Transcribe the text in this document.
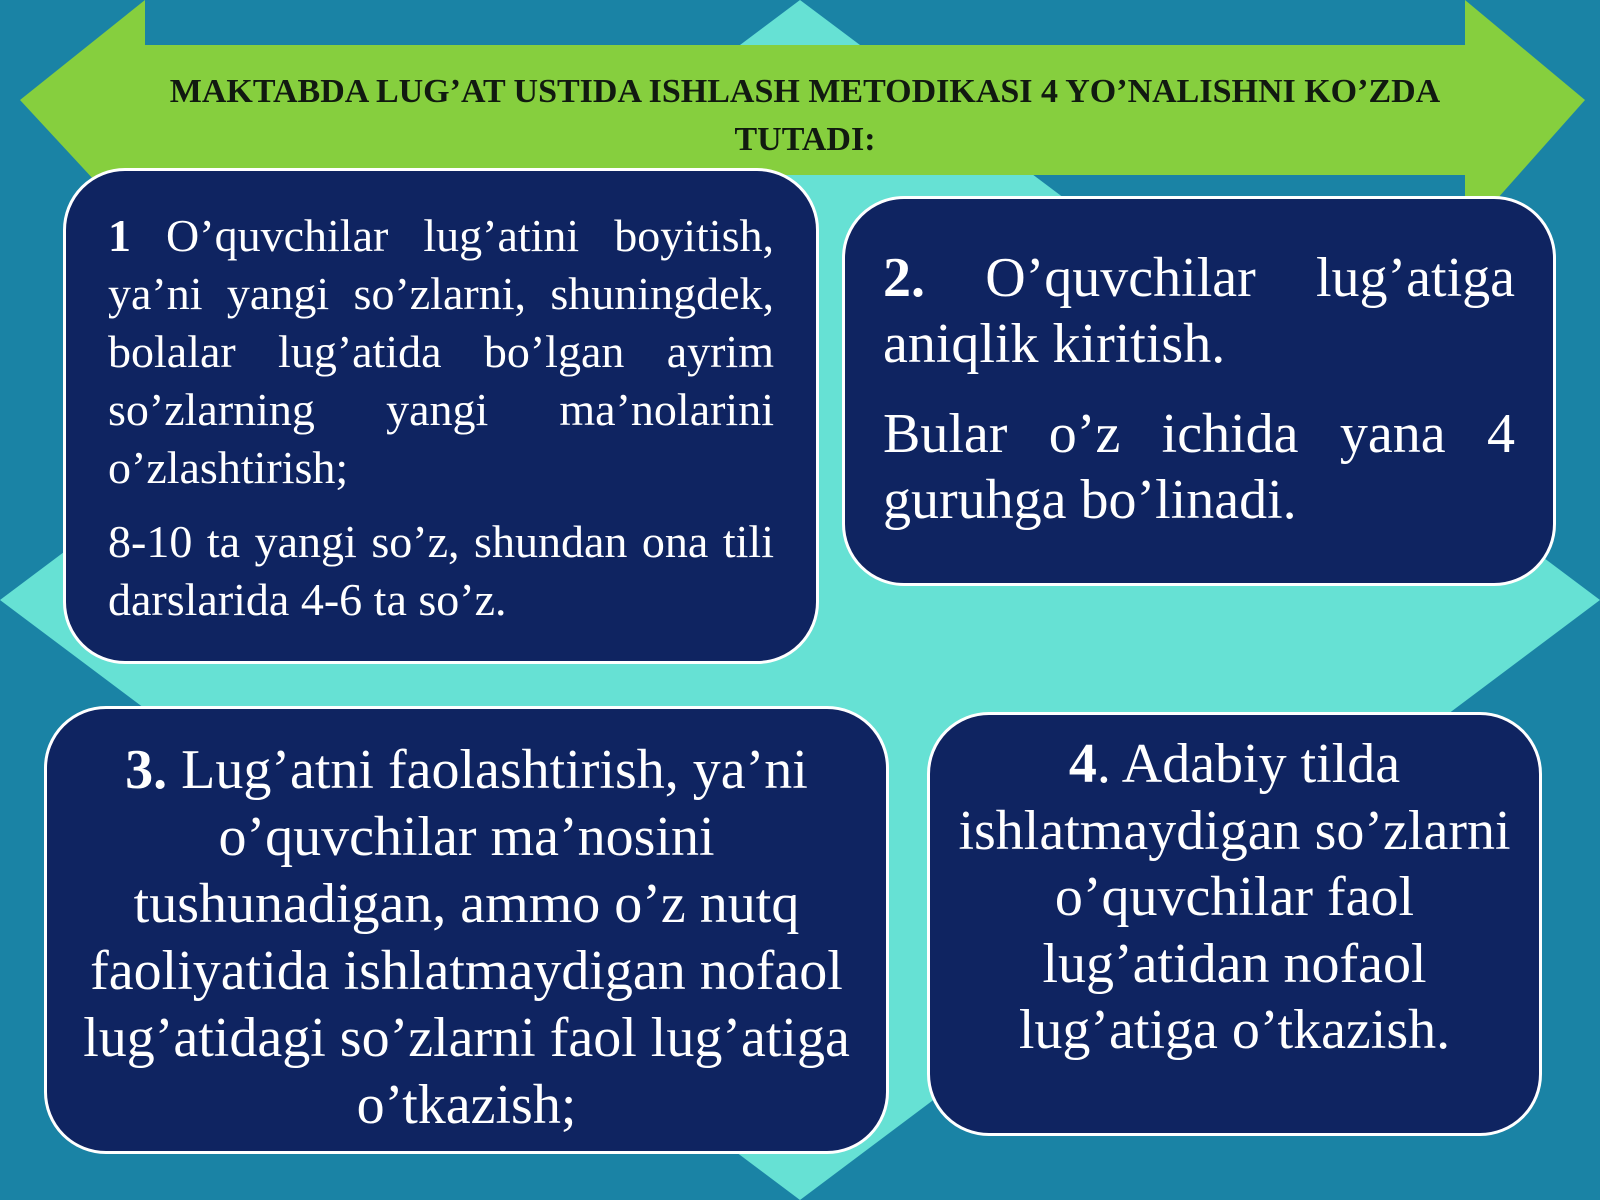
1 O’quvchilar lug’atini boyitish, ya’ni yangi so’zlarni, shuningdek, bolalar lug’atida bo’lgan ayrim so’zlarning yangi ma’nolarini o’zlashtirish;

8-10 ta yangi so’z, shundan ona tili darslarida 4-6 ta so’z.

2. O’quvchilar lug’atiga aniqlik kiritish.

Bular o’z ichida yana 4 guruhga bo’linadi.

3. Lug’atni faolashtirish, ya’ni o’quvchilar ma’nosini tushunadigan, ammo o’z nutq faoliyatida ishlatmaydigan nofaol lug’atidagi so’zlarni faol lug’atiga o’tkazish;

4. Adabiy tilda ishlatmaydigan so’zlarni o’quvchilar faol lug’atidan nofaol lug’atiga o’tkazish.

MAKTABDA LUG’AT USTIDA ISHLASH METODIKASI 4 YO’NALISHNI KO’ZDA TUTADI:
